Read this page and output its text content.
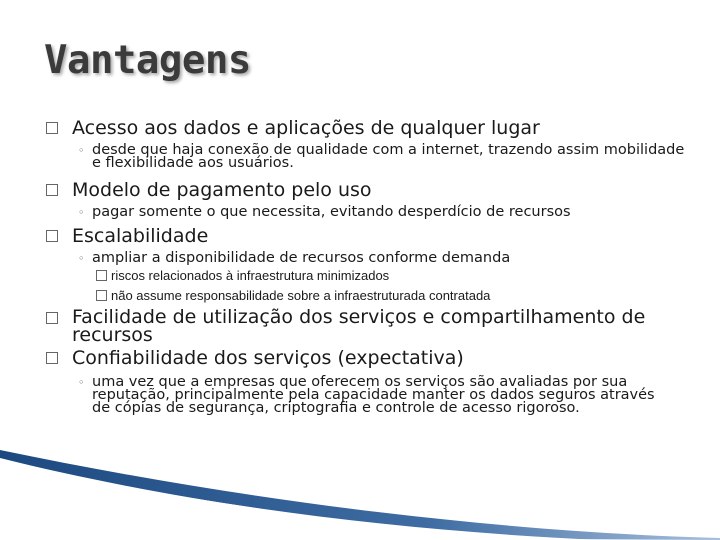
Vantagens
Acesso aos dados e aplicações de qualquer lugar
◦ desde que haja conexão de qualidade com a internet, trazendo assim mobilidade e flexibilidade aos usuários.
Modelo de pagamento pelo uso
◦ pagar somente o que necessita, evitando desperdício de recursos
Escalabilidade
◦ ampliar a disponibilidade de recursos conforme demanda
riscos relacionados à infraestrutura minimizados
não assume responsabilidade sobre a infraestruturada contratada
Facilidade de utilização dos serviços e compartilhamento de recursos
Confiabilidade dos serviços (expectativa)
◦ uma vez que a empresas que oferecem os serviços são avaliadas por sua reputação, principalmente pela capacidade manter os dados seguros através de cópias de segurança, criptografia e controle de acesso rigoroso.
